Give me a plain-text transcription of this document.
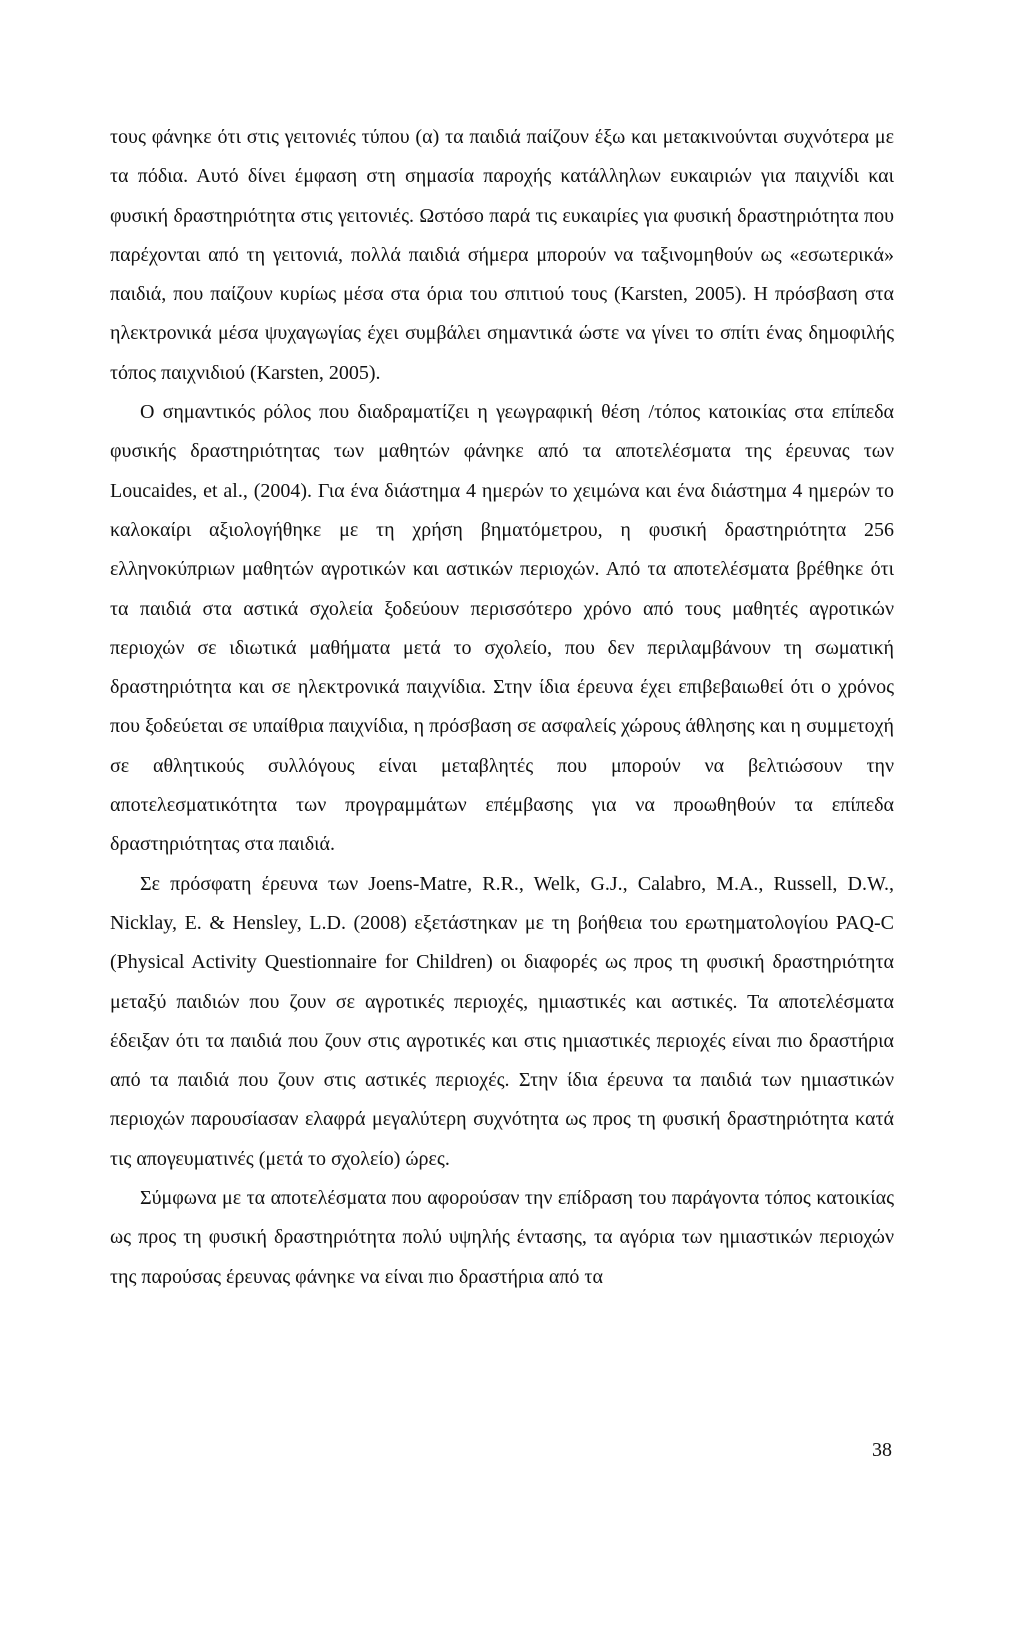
τους φάνηκε ότι στις γειτονιές τύπου (α) τα παιδιά παίζουν έξω και μετακινούνται συχνότερα με τα πόδια. Αυτό δίνει έμφαση στη σημασία παροχής κατάλληλων ευκαιριών για παιχνίδι και φυσική δραστηριότητα στις γειτονιές. Ωστόσο παρά τις ευκαιρίες για φυσική δραστηριότητα που παρέχονται από τη γειτονιά, πολλά παιδιά σήμερα μπορούν να ταξινομηθούν ως «εσωτερικά» παιδιά, που παίζουν κυρίως μέσα στα όρια του σπιτιού τους (Karsten, 2005). Η πρόσβαση στα ηλεκτρονικά μέσα ψυχαγωγίας έχει συμβάλει σημαντικά ώστε να γίνει το σπίτι ένας δημοφιλής τόπος παιχνιδιού (Karsten, 2005).

Ο σημαντικός ρόλος που διαδραματίζει η γεωγραφική θέση /τόπος κατοικίας στα επίπεδα φυσικής δραστηριότητας των μαθητών φάνηκε από τα αποτελέσματα της έρευνας των Loucaides, et al., (2004). Για ένα διάστημα 4 ημερών το χειμώνα και ένα διάστημα 4 ημερών το καλοκαίρι αξιολογήθηκε με τη χρήση βηματόμετρου, η φυσική δραστηριότητα 256 ελληνοκύπριων μαθητών αγροτικών και αστικών περιοχών. Από τα αποτελέσματα βρέθηκε ότι τα παιδιά στα αστικά σχολεία ξοδεύουν περισσότερο χρόνο από τους μαθητές αγροτικών περιοχών σε ιδιωτικά μαθήματα μετά το σχολείο, που δεν περιλαμβάνουν τη σωματική δραστηριότητα και σε ηλεκτρονικά παιχνίδια. Στην ίδια έρευνα έχει επιβεβαιωθεί ότι ο χρόνος που ξοδεύεται σε υπαίθρια παιχνίδια, η πρόσβαση σε ασφαλείς χώρους άθλησης και η συμμετοχή σε αθλητικούς συλλόγους είναι μεταβλητές που μπορούν να βελτιώσουν την αποτελεσματικότητα των προγραμμάτων επέμβασης για να προωθηθούν τα επίπεδα δραστηριότητας στα παιδιά.

Σε πρόσφατη έρευνα των Joens-Matre, R.R., Welk, G.J., Calabro, M.A., Russell, D.W., Nicklay, E. & Hensley, L.D. (2008) εξετάστηκαν με τη βοήθεια του ερωτηματολογίου PAQ-C (Physical Activity Questionnaire for Children) οι διαφορές ως προς τη φυσική δραστηριότητα μεταξύ παιδιών που ζουν σε αγροτικές περιοχές, ημιαστικές και αστικές. Τα αποτελέσματα έδειξαν ότι τα παιδιά που ζουν στις αγροτικές και στις ημιαστικές περιοχές είναι πιο δραστήρια από τα παιδιά που ζουν στις αστικές περιοχές. Στην ίδια έρευνα τα παιδιά των ημιαστικών περιοχών παρουσίασαν ελαφρά μεγαλύτερη συχνότητα ως προς τη φυσική δραστηριότητα κατά τις απογευματινές (μετά το σχολείο) ώρες.

Σύμφωνα με τα αποτελέσματα που αφορούσαν την επίδραση του παράγοντα τόπος κατοικίας ως προς τη φυσική δραστηριότητα πολύ υψηλής έντασης, τα αγόρια των ημιαστικών περιοχών της παρούσας έρευνας φάνηκε να είναι πιο δραστήρια από τα

38
